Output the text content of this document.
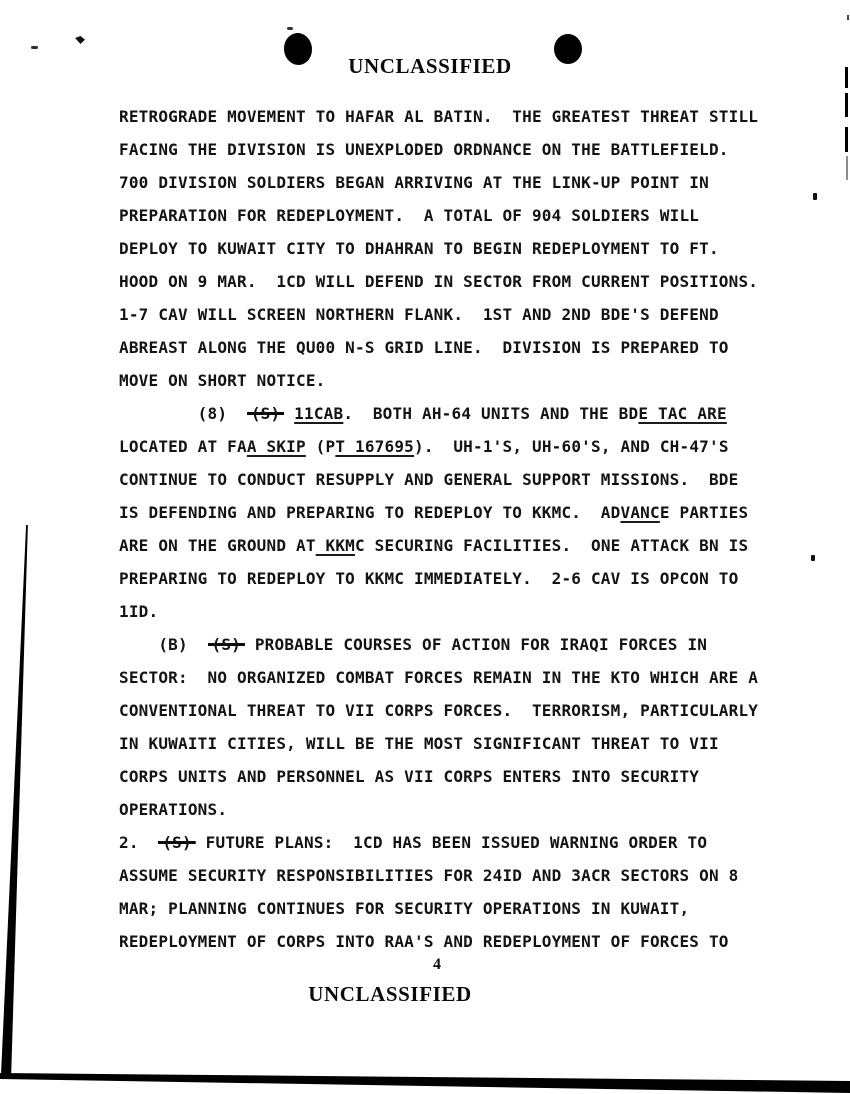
UNCLASSIFIED
RETROGRADE MOVEMENT TO HAFAR AL BATIN.  THE GREATEST THREAT STILL
FACING THE DIVISION IS UNEXPLODED ORDNANCE ON THE BATTLEFIELD.
700 DIVISION SOLDIERS BEGAN ARRIVING AT THE LINK-UP POINT IN
PREPARATION FOR REDEPLOYMENT.  A TOTAL OF 904 SOLDIERS WILL
DEPLOY TO KUWAIT CITY TO DHAHRAN TO BEGIN REDEPLOYMENT TO FT.
HOOD ON 9 MAR.  1CD WILL DEFEND IN SECTOR FROM CURRENT POSITIONS.
1-7 CAV WILL SCREEN NORTHERN FLANK.  1ST AND 2ND BDE'S DEFEND
ABREAST ALONG THE QU00 N-S GRID LINE.  DIVISION IS PREPARED TO
MOVE ON SHORT NOTICE.
(8)  (S) 11CAB.  BOTH AH-64 UNITS AND THE BDE TAC ARE
LOCATED AT FAA SKIP (PT 167695).  UH-1'S, UH-60'S, AND CH-47'S
CONTINUE TO CONDUCT RESUPPLY AND GENERAL SUPPORT MISSIONS.  BDE
IS DEFENDING AND PREPARING TO REDEPLOY TO KKMC.  ADVANCE PARTIES
ARE ON THE GROUND AT KKMC SECURING FACILITIES.  ONE ATTACK BN IS
PREPARING TO REDEPLOY TO KKMC IMMEDIATELY.  2-6 CAV IS OPCON TO
1ID.
(B)  (S) PROBABLE COURSES OF ACTION FOR IRAQI FORCES IN
SECTOR:  NO ORGANIZED COMBAT FORCES REMAIN IN THE KTO WHICH ARE A
CONVENTIONAL THREAT TO VII CORPS FORCES.  TERRORISM, PARTICULARLY
IN KUWAITI CITIES, WILL BE THE MOST SIGNIFICANT THREAT TO VII
CORPS UNITS AND PERSONNEL AS VII CORPS ENTERS INTO SECURITY
OPERATIONS.
2.  (S) FUTURE PLANS:  1CD HAS BEEN ISSUED WARNING ORDER TO
ASSUME SECURITY RESPONSIBILITIES FOR 24ID AND 3ACR SECTORS ON 8
MAR; PLANNING CONTINUES FOR SECURITY OPERATIONS IN KUWAIT,
REDEPLOYMENT OF CORPS INTO RAA'S AND REDEPLOYMENT OF FORCES TO
4
UNCLASSIFIED
